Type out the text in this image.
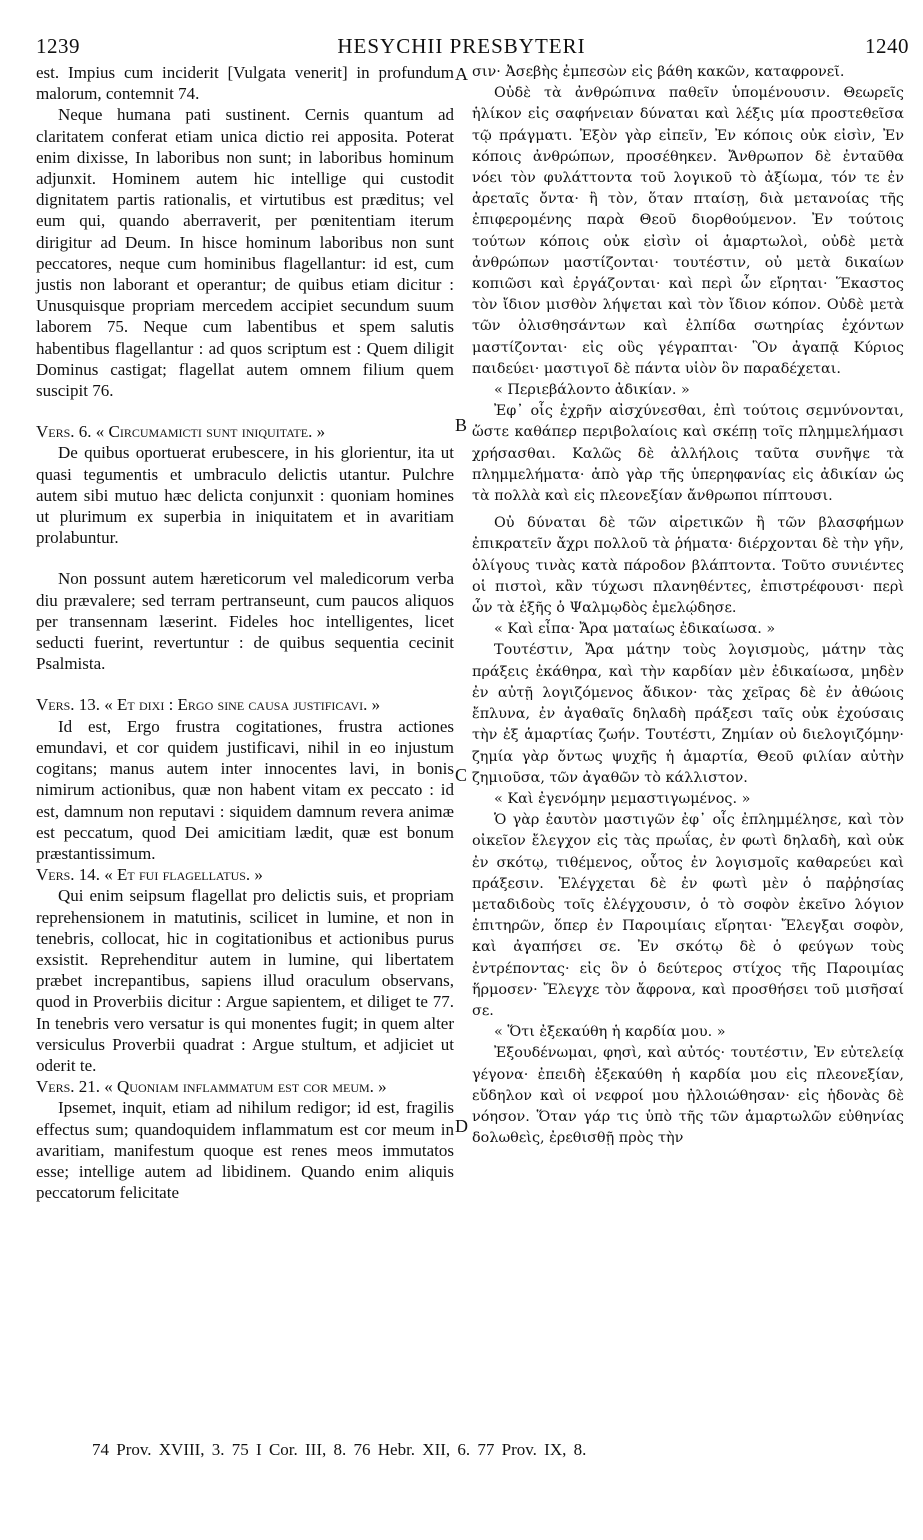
1239	HESYCHII PRESBYTERI	1240

est. Impius cum inciderit [Vulgata venerit] in profundum malorum, contemnit 74.

Neque humana pati sustinent. Cernis quantum ad claritatem conferat etiam unica dictio rei apposita. Poterat enim dixisse, In laboribus non sunt; in laboribus hominum adjunxit. Hominem autem hic intellige qui custodit dignitatem partis rationalis, et virtutibus est præditus; vel eum qui, quando aberraverit, per pœnitentiam iterum dirigitur ad Deum. In hisce hominum laboribus non sunt peccatores, neque cum hominibus flagellantur: id est, cum justis non laborant et operantur; de quibus etiam dicitur : Unusquisque propriam mercedem accipiet secundum suum laborem 75. Neque cum labentibus et spem salutis habentibus flagellantur : ad quos scriptum est : Quem diligit Dominus castigat; flagellat autem omnem filium quem suscipit 76.

Vers. 6. « Circumamicti sunt iniquitate. »

De quibus oportuerat erubescere, in his glorientur, ita ut quasi tegumentis et umbraculo delictis utantur. Pulchre autem sibi mutuo hæc delicta conjunxit : quoniam homines ut plurimum ex superbia in iniquitatem et in avaritiam prolabuntur.

Non possunt autem hæreticorum vel maledicorum verba diu prævalere; sed terram pertranseunt, cum paucos aliquos per transennam læserint. Fideles hoc intelligentes, licet seducti fuerint, revertuntur : de quibus sequentia cecinit Psalmista.

Vers. 13. « Et dixi : Ergo sine causa justificavi. »

Id est, Ergo frustra cogitationes, frustra actiones emundavi, et cor quidem justificavi, nihil in eo injustum cogitans; manus autem inter innocentes lavi, in bonis nimirum actionibus, quæ non habent vitam ex peccato : id est, damnum non reputavi : siquidem damnum revera animæ est peccatum, quod Dei amicitiam lædit, quæ est bonum præstantissimum.

Vers. 14. « Et fui flagellatus. »

Qui enim seipsum flagellat pro delictis suis, et propriam reprehensionem in matutinis, scilicet in lumine, et non in tenebris, collocat, hic in cogitationibus et actionibus purus exsistit. Reprehenditur autem in lumine, qui libertatem præbet increpantibus, sapiens illud oraculum observans, quod in Proverbiis dicitur : Argue sapientem, et diliget te 77. In tenebris vero versatur is qui monentes fugit; in quem alter versiculus Proverbii quadrat : Argue stultum, et adjiciet ut oderit te.

Vers. 21. « Quoniam inflammatum est cor meum. »

Ipsemet, inquit, etiam ad nihilum redigor; id est, fragilis effectus sum; quandoquidem inflammatum est cor meum in avaritiam, manifestum quoque est renes meos immutatos esse; intellige autem ad libidinem. Quando enim aliquis peccatorum felicitate

A
B
C
D

σιν· Ἀσεβὴς ἐμπεσὼν εἰς βάθη κακῶν, καταφρονεῖ.

Οὐδὲ τὰ ἀνθρώπινα παθεῖν ὑπομένουσιν. Θεωρεῖς ἡλίκον εἰς σαφήνειαν δύναται καὶ λέξις μία προστεθεῖσα τῷ πράγματι. Ἐξὸν γὰρ εἰπεῖν, Ἐν κόποις οὐκ εἰσὶν, Ἐν κόποις ἀνθρώπων, προσέθηκεν. Ἄνθρωπον δὲ ἐνταῦθα νόει τὸν φυλάττοντα τοῦ λογικοῦ τὸ ἀξίωμα, τόν τε ἐν ἀρεταῖς ὄντα· ἢ τὸν, ὅταν πταίσῃ, διὰ μετανοίας τῆς ἐπιφερομένης παρὰ Θεοῦ διορθούμενον. Ἐν τούτοις τούτων κόποις οὐκ εἰσὶν οἱ ἁμαρτωλοὶ, οὐδὲ μετὰ ἀνθρώπων μαστίζονται· τουτέστιν, οὐ μετὰ δικαίων κοπιῶσι καὶ ἐργάζονται· καὶ περὶ ὧν εἴρηται· Ἕκαστος τὸν ἴδιον μισθὸν λήψεται καὶ τὸν ἴδιον κόπον. Οὐδὲ μετὰ τῶν ὀλισθησάντων καὶ ἐλπίδα σωτηρίας ἐχόντων μαστίζονται· εἰς οὓς γέγραπται· Ὃν ἀγαπᾷ Κύριος παιδεύει· μαστιγοῖ δὲ πάντα υἱὸν ὃν παραδέχεται.

« Περιεβάλοντο ἀδικίαν. »

Ἐφ᾽ οἷς ἐχρῆν αἰσχύνεσθαι, ἐπὶ τούτοις σεμνύνονται, ὥστε καθάπερ περιβολαίοις καὶ σκέπῃ τοῖς πλημμελήμασι χρήσασθαι. Καλῶς δὲ ἀλλήλοις ταῦτα συνῆψε τὰ πλημμελήματα· ἀπὸ γὰρ τῆς ὑπερηφανίας εἰς ἀδικίαν ὡς τὰ πολλὰ καὶ εἰς πλεονεξίαν ἄνθρωποι πίπτουσι.

Οὐ δύναται δὲ τῶν αἱρετικῶν ἢ τῶν βλασφήμων ἐπικρατεῖν ἄχρι πολλοῦ τὰ ῥήματα· διέρχονται δὲ τὴν γῆν, ὀλίγους τινὰς κατὰ πάροδον βλάπτοντα. Τοῦτο συνιέντες οἱ πιστοὶ, κἂν τύχωσι πλανηθέντες, ἐπιστρέφουσι· περὶ ὧν τὰ ἑξῆς ὁ Ψαλμῳδὸς ἐμελῴδησε.

« Καὶ εἶπα· Ἄρα ματαίως ἐδικαίωσα. »

Τουτέστιν, Ἄρα μάτην τοὺς λογισμοὺς, μάτην τὰς πράξεις ἐκάθηρα, καὶ τὴν καρδίαν μὲν ἐδικαίωσα, μηδὲν ἐν αὐτῇ λογιζόμενος ἄδικον· τὰς χεῖρας δὲ ἐν ἀθώοις ἔπλυνα, ἐν ἀγαθαῖς δηλαδὴ πράξεσι ταῖς οὐκ ἐχούσαις τὴν ἐξ ἁμαρτίας ζωήν. Τουτέστι, Ζημίαν οὐ διελογιζόμην· ζημία γὰρ ὄντως ψυχῆς ἡ ἁμαρτία, Θεοῦ φιλίαν αὐτὴν ζημιοῦσα, τῶν ἀγαθῶν τὸ κάλλιστον.

« Καὶ ἐγενόμην μεμαστιγωμένος. »

Ὁ γὰρ ἑαυτὸν μαστιγῶν ἐφ᾽ οἷς ἐπλημμέλησε, καὶ τὸν οἰκεῖον ἔλεγχον εἰς τὰς πρωΐας, ἐν φωτὶ δηλαδὴ, καὶ οὐκ ἐν σκότῳ, τιθέμενος, οὗτος ἐν λογισμοῖς καθαρεύει καὶ πράξεσιν. Ἐλέγχεται δὲ ἐν φωτὶ μὲν ὁ παῤῥησίας μεταδιδοὺς τοῖς ἐλέγχουσιν, ὁ τὸ σοφὸν ἐκεῖνο λόγιον ἐπιτηρῶν, ὅπερ ἐν Παροιμίαις εἴρηται· Ἔλεγξαι σοφὸν, καὶ ἀγαπήσει σε. Ἐν σκότῳ δὲ ὁ φεύγων τοὺς ἐντρέποντας· εἰς ὃν ὁ δεύτερος στίχος τῆς Παροιμίας ἥρμοσεν· Ἔλεγχε τὸν ἄφρονα, καὶ προσθήσει τοῦ μισῆσαί σε.

« Ὅτι ἐξεκαύθη ἡ καρδία μου. »

Ἐξουδένωμαι, φησὶ, καὶ αὐτός· τουτέστιν, Ἐν εὐτελείᾳ γέγονα· ἐπειδὴ ἐξεκαύθη ἡ καρδία μου εἰς πλεονεξίαν, εὔδηλον καὶ οἱ νεφροί μου ἠλλοιώθησαν· εἰς ἡδονὰς δὲ νόησον. Ὅταν γάρ τις ὑπὸ τῆς τῶν ἁμαρτωλῶν εὐθηνίας δολωθεὶς, ἐρεθισθῇ πρὸς τὴν

74 Prov. XVIII, 3. 75 I Cor. III, 8. 76 Hebr. XII, 6. 77 Prov. IX, 8.
